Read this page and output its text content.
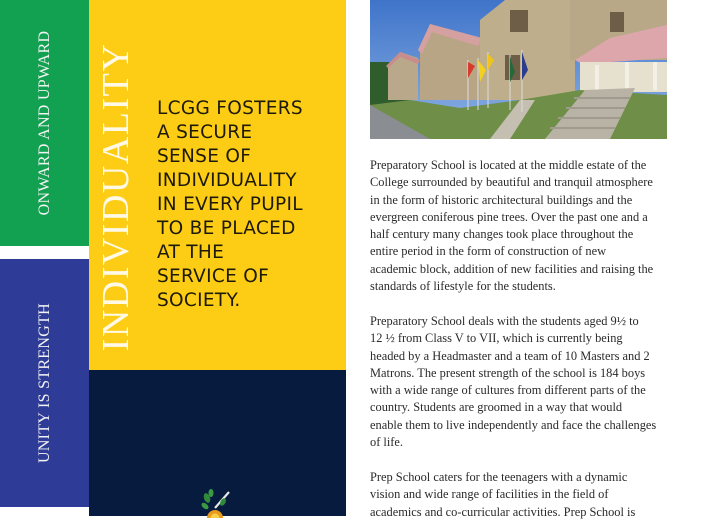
ONWARD AND UPWARD
UNITY IS STRENGTH
INDIVIDUALITY LCGG FOSTERS
A SECURE
SENSE OF
INDIVIDUALITY
IN EVERY PUPIL
TO BE PLACED
AT THE
SERVICE OF
SOCIETY.
Preparatory School is located at the middle estate of the
College surrounded by beautiful and tranquil atmosphere
in the form of historic architectural buildings and the
evergreen coniferous pine trees. Over the past one and a
half century many changes took place throughout the
entire period in the form of construction of new
academic block, addition of new facilities and raising the
standards of lifestyle for the students.
Preparatory School deals with the students aged 9½ to
12 ½ from Class V to VII, which is currently being
headed by a Headmaster and a team of 10 Masters and 2
Matrons. The present strength of the school is 184 boys
with a wide range of cultures from different parts of the
country. Students are groomed in a way that would
enable them to live independently and face the challenges
of life.
Prep School caters for the teenagers with a dynamic
vision and wide range of facilities in the field of
academics and co-curricular activities. Prep School is
